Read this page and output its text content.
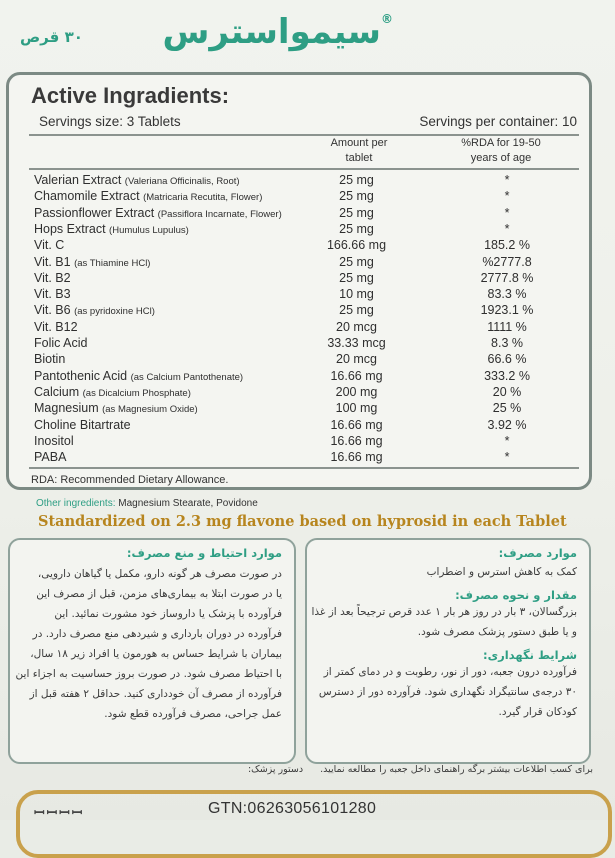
۳۰ قرص
®سیمواسترس
Active Ingradients:
Servings size: 3 Tablets	Servings per container: 10
Amount per
tablet
%RDA for 19-50
years of age
Valerian Extract (Valeriana Officinalis, Root)	25 mg	*
Chamomile Extract (Matricaria Recutita, Flower)	25 mg	*
Passionflower Extract (Passiflora Incarnate, Flower)	25 mg	*
Hops Extract (Humulus Lupulus)	25 mg	*
Vit. C	166.66 mg	185.2 %
Vit. B1 (as Thiamine HCl)	25 mg	%2777.8
Vit. B2	25 mg	2777.8 %
Vit. B3	10 mg	83.3 %
Vit. B6 (as pyridoxine HCl)	25 mg	1923.1 %
Vit. B12	20 mcg	1111 %
Folic Acid	33.33 mcg	8.3 %
Biotin	20 mcg	66.6 %
Pantothenic Acid (as Calcium Pantothenate)	16.66 mg	333.2 %
Calcium (as Dicalcium Phosphate)	200 mg	20 %
Magnesium (as Magnesium Oxide)	100 mg	25 %
Choline Bitartrate	16.66 mg	3.92 %
Inositol	16.66 mg	*
PABA	16.66 mg	*
RDA: Recommended Dietary Allowance.
Other ingredients: Magnesium Stearate, Povidone
Standardized on 2.3 mg flavone based on hyprosid in each Tablet

موارد احتیاط و منع مصرف:

در صورت مصرف هر گونه دارو، مکمل یا گیاهان دارویی،

یا در صورت ابتلا به بیماری‌های مزمن، قبل از مصرف این

فرآورده با پزشک یا داروساز خود مشورت نمائید. این

فرآورده در دوران بارداری و شیردهی منع مصرف دارد. در

بیماران با شرایط حساس به هورمون یا افراد زیر ۱۸ سال،

با احتیاط مصرف شود. در صورت بروز حساسیت به اجزاء این

فرآورده از مصرف آن خودداری کنید. حداقل ۲ هفته قبل از

عمل جراحی، مصرف فرآورده قطع شود.

موارد مصرف:

کمک به کاهش استرس و اضطراب

مقدار و نحوه مصرف:

بزرگسالان، ۳ بار در روز هر بار ۱ عدد قرص ترجیحاً بعد از غذا

و یا طبق دستور پزشک مصرف شود.

شرایط نگهداری:

فرآورده درون جعبه، دور از نور، رطوبت و در دمای کمتر از

۳۰ درجه‌ی سانتیگراد نگهداری شود. فرآورده دور از دسترس

کودکان قرار گیرد.

برای کسب اطلاعات بیشتر برگه راهنمای داخل جعبه را مطالعه نمایید. دستور پزشک:
ꟷꟷꟷꟷ	GTN:06263056101280
